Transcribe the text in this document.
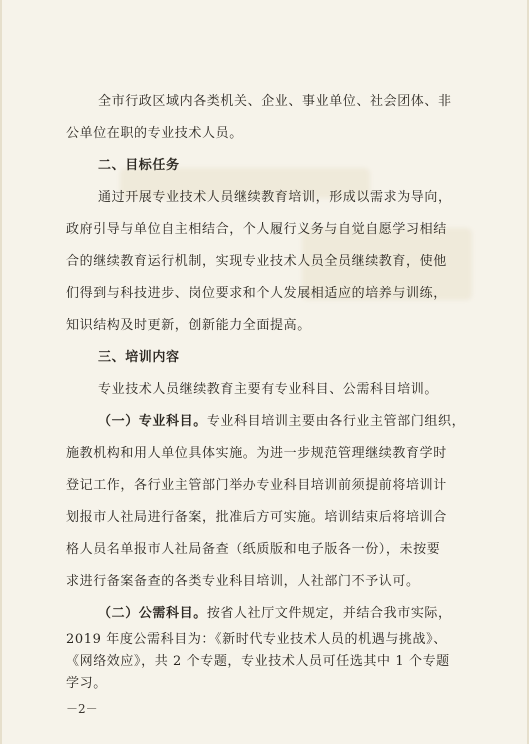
全市行政区域内各类机关、企业、事业单位、社会团体、非
公单位在职的专业技术人员。
二、目标任务
通过开展专业技术人员继续教育培训，形成以需求为导向，
政府引导与单位自主相结合，个人履行义务与自觉自愿学习相结
合的继续教育运行机制，实现专业技术人员全员继续教育，使他
们得到与科技进步、岗位要求和个人发展相适应的培养与训练，
知识结构及时更新，创新能力全面提高。
三、培训内容
专业技术人员继续教育主要有专业科目、公需科目培训。
（一）专业科目。专业科目培训主要由各行业主管部门组织，
施教机构和用人单位具体实施。为进一步规范管理继续教育学时
登记工作，各行业主管部门举办专业科目培训前须提前将培训计
划报市人社局进行备案，批准后方可实施。培训结束后将培训合
格人员名单报市人社局备查（纸质版和电子版各一份），未按要
求进行备案备查的各类专业科目培训，人社部门不予认可。
（二）公需科目。按省人社厅文件规定，并结合我市实际，
2019 年度公需科目为：《新时代专业技术人员的机遇与挑战》、
《网络效应》，共 2 个专题，专业技术人员可任选其中 1 个专题
－2－
学习。
